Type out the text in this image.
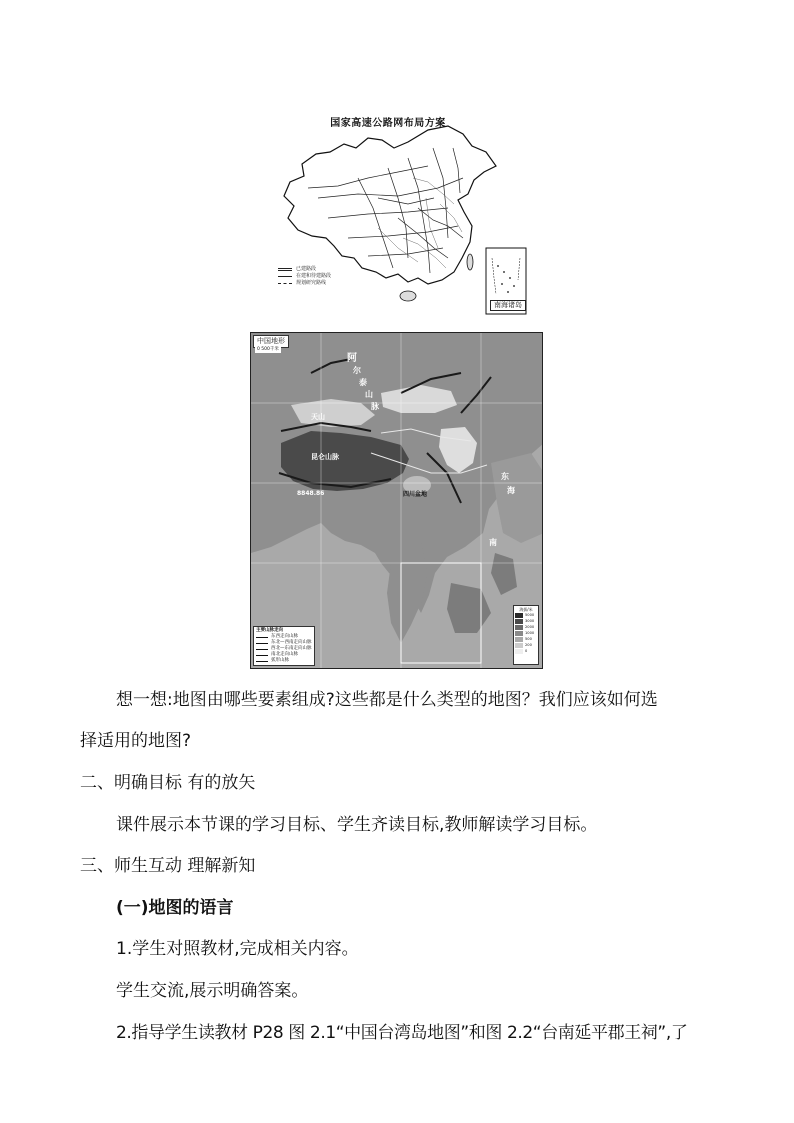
国家高速公路网布局方案
已建路段
在建和待建路段
规划研究路线
南海诸岛
阿
尔
泰
山
脉
天山
昆仑山脉
四川盆地
东
海
南
8848.86
中国地形
0 500千米
主要山脉走向
东西走向山脉
东北—西南走向山脉
西北—东南走向山脉
南北走向山脉
弧形山脉
海拔/米
5000
3000
2000
1000
500
200
0
想一想:地图由哪些要素组成?这些都是什么类型的地图？我们应该如何选
择适用的地图?
二、明确目标 有的放矢
课件展示本节课的学习目标、学生齐读目标,教师解读学习目标。
三、师生互动 理解新知
(一)地图的语言
1.学生对照教材,完成相关内容。
学生交流,展示明确答案。
2.指导学生读教材 P28 图 2.1“中国台湾岛地图”和图 2.2“台南延平郡王祠”,了
